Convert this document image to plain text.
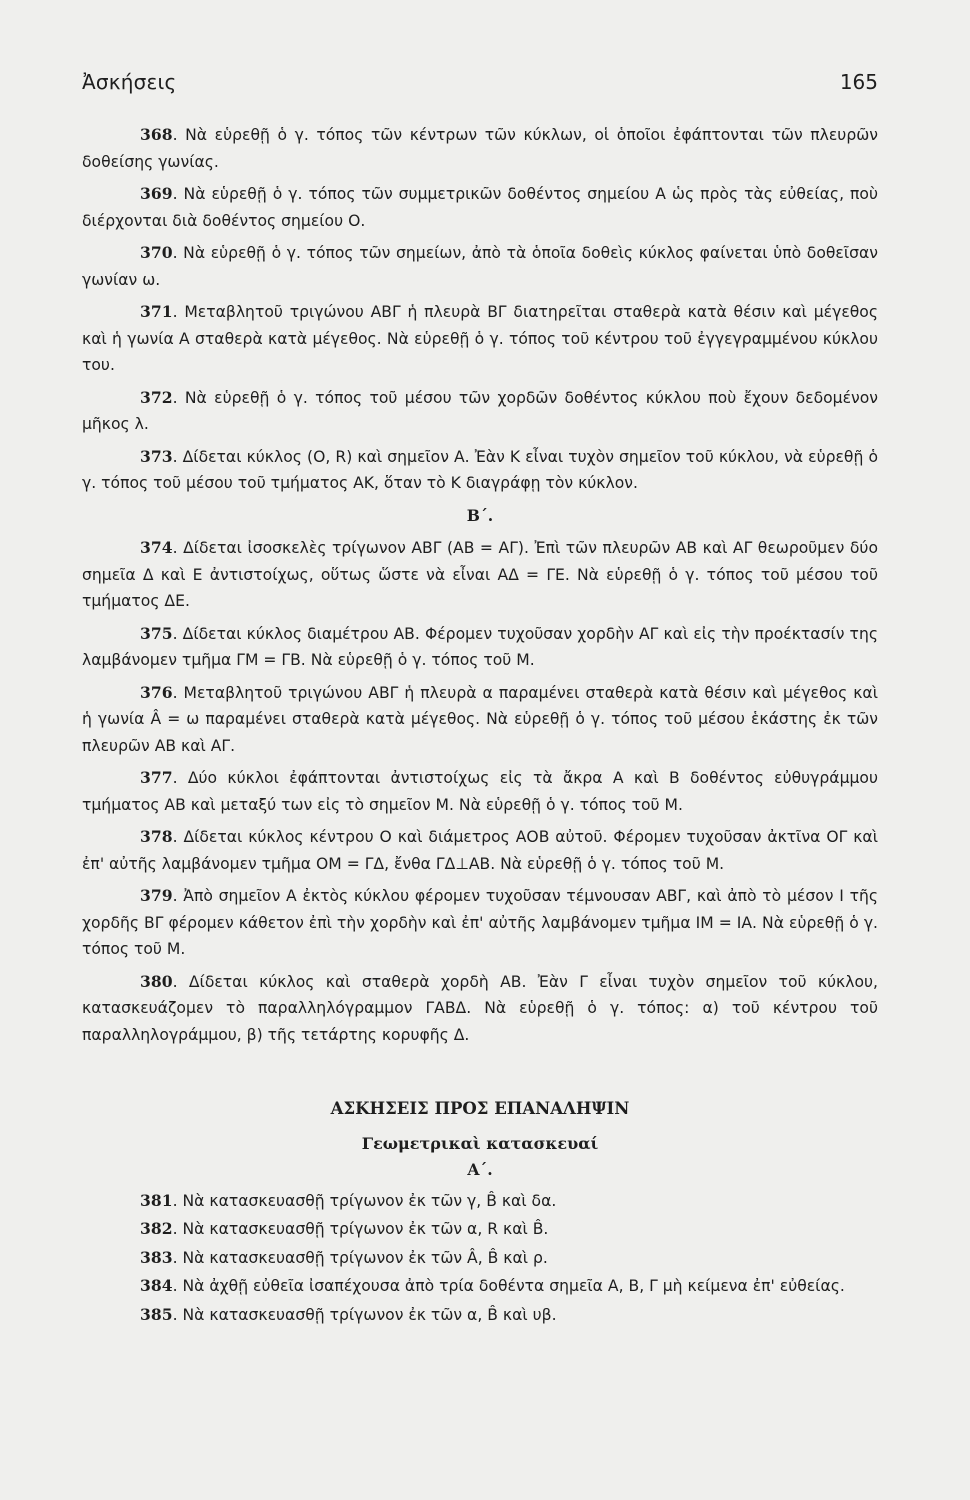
Ἀσκήσεις	165

368. Νὰ εὑρεθῇ ὁ γ. τόπος τῶν κέντρων τῶν κύκλων, οἱ ὁποῖοι ἐφάπτονται τῶν πλευρῶν δοθείσης γωνίας.

369. Νὰ εὑρεθῇ ὁ γ. τόπος τῶν συμμετρικῶν δοθέντος σημείου Α ὡς πρὸς τὰς εὐθείας, ποὺ διέρχονται διὰ δοθέντος σημείου Ο.

370. Νὰ εὑρεθῇ ὁ γ. τόπος τῶν σημείων, ἀπὸ τὰ ὁποῖα δοθεὶς κύκλος φαίνεται ὑπὸ δοθεῖσαν γωνίαν ω.

371. Μεταβλητοῦ τριγώνου ΑΒΓ ἡ πλευρὰ ΒΓ διατηρεῖται σταθερὰ κατὰ θέσιν καὶ μέγεθος καὶ ἡ γωνία Α σταθερὰ κατὰ μέγεθος. Νὰ εὑρεθῇ ὁ γ. τόπος τοῦ κέντρου τοῦ ἐγγεγραμμένου κύκλου του.

372. Νὰ εὑρεθῇ ὁ γ. τόπος τοῦ μέσου τῶν χορδῶν δοθέντος κύκλου ποὺ ἔχουν δεδομένον μῆκος λ.

373. Δίδεται κύκλος (Ο, R) καὶ σημεῖον Α. Ἐὰν Κ εἶναι τυχὸν σημεῖον τοῦ κύκλου, νὰ εὑρεθῇ ὁ γ. τόπος τοῦ μέσου τοῦ τμήματος ΑΚ, ὅταν τὸ Κ διαγράφῃ τὸν κύκλον.

Β΄.

374. Δίδεται ἰσοσκελὲς τρίγωνον ΑΒΓ (ΑΒ = ΑΓ). Ἐπὶ τῶν πλευρῶν ΑΒ καὶ ΑΓ θεωροῦμεν δύο σημεῖα Δ καὶ Ε ἀντιστοίχως, οὕτως ὥστε νὰ εἶναι ΑΔ = ΓΕ. Νὰ εὑρεθῇ ὁ γ. τόπος τοῦ μέσου τοῦ τμήματος ΔΕ.

375. Δίδεται κύκλος διαμέτρου ΑΒ. Φέρομεν τυχοῦσαν χορδὴν ΑΓ καὶ εἰς τὴν προέκτασίν της λαμβάνομεν τμῆμα ΓΜ = ΓΒ. Νὰ εὑρεθῇ ὁ γ. τόπος τοῦ Μ.

376. Μεταβλητοῦ τριγώνου ΑΒΓ ἡ πλευρὰ α παραμένει σταθερὰ κατὰ θέσιν καὶ μέγεθος καὶ ἡ γωνία Â = ω παραμένει σταθερὰ κατὰ μέγεθος. Νὰ εὑρεθῇ ὁ γ. τόπος τοῦ μέσου ἑκάστης ἐκ τῶν πλευρῶν ΑΒ καὶ ΑΓ.

377. Δύο κύκλοι ἐφάπτονται ἀντιστοίχως εἰς τὰ ἄκρα Α καὶ Β δοθέντος εὐθυγράμμου τμήματος ΑΒ καὶ μεταξύ των εἰς τὸ σημεῖον Μ. Νὰ εὑρεθῇ ὁ γ. τόπος τοῦ Μ.

378. Δίδεται κύκλος κέντρου Ο καὶ διάμετρος ΑΟΒ αὐτοῦ. Φέρομεν τυχοῦσαν ἀκτῖνα ΟΓ καὶ ἐπ' αὐτῆς λαμβάνομεν τμῆμα ΟΜ = ΓΔ, ἔνθα ΓΔ⊥ΑΒ. Νὰ εὑρεθῇ ὁ γ. τόπος τοῦ Μ.

379. Ἀπὸ σημεῖον Α ἐκτὸς κύκλου φέρομεν τυχοῦσαν τέμνουσαν ΑΒΓ, καὶ ἀπὸ τὸ μέσον Ι τῆς χορδῆς ΒΓ φέρομεν κάθετον ἐπὶ τὴν χορδὴν καὶ ἐπ' αὐτῆς λαμβάνομεν τμῆμα ΙΜ = ΙΑ. Νὰ εὑρεθῇ ὁ γ. τόπος τοῦ Μ.

380. Δίδεται κύκλος καὶ σταθερὰ χορδὴ ΑΒ. Ἐὰν Γ εἶναι τυχὸν σημεῖον τοῦ κύκλου, κατασκευάζομεν τὸ παραλληλόγραμμον ΓΑΒΔ. Νὰ εὑρεθῇ ὁ γ. τόπος: α) τοῦ κέντρου τοῦ παραλληλογράμμου, β) τῆς τετάρτης κορυφῆς Δ.

ΑΣΚΗΣΕΙΣ ΠΡΟΣ ΕΠΑΝΑΛΗΨΙΝ

Γεωμετρικαὶ κατασκευαί

Α΄.

381. Νὰ κατασκευασθῇ τρίγωνον ἐκ τῶν γ, B̂ καὶ δα.

382. Νὰ κατασκευασθῇ τρίγωνον ἐκ τῶν α, R καὶ B̂.

383. Νὰ κατασκευασθῇ τρίγωνον ἐκ τῶν Â, B̂ καὶ ρ.

384. Νὰ ἀχθῇ εὐθεῖα ἰσαπέχουσα ἀπὸ τρία δοθέντα σημεῖα Α, Β, Γ μὴ κείμενα ἐπ' εὐθείας.

385. Νὰ κατασκευασθῇ τρίγωνον ἐκ τῶν α, B̂ καὶ υβ.
